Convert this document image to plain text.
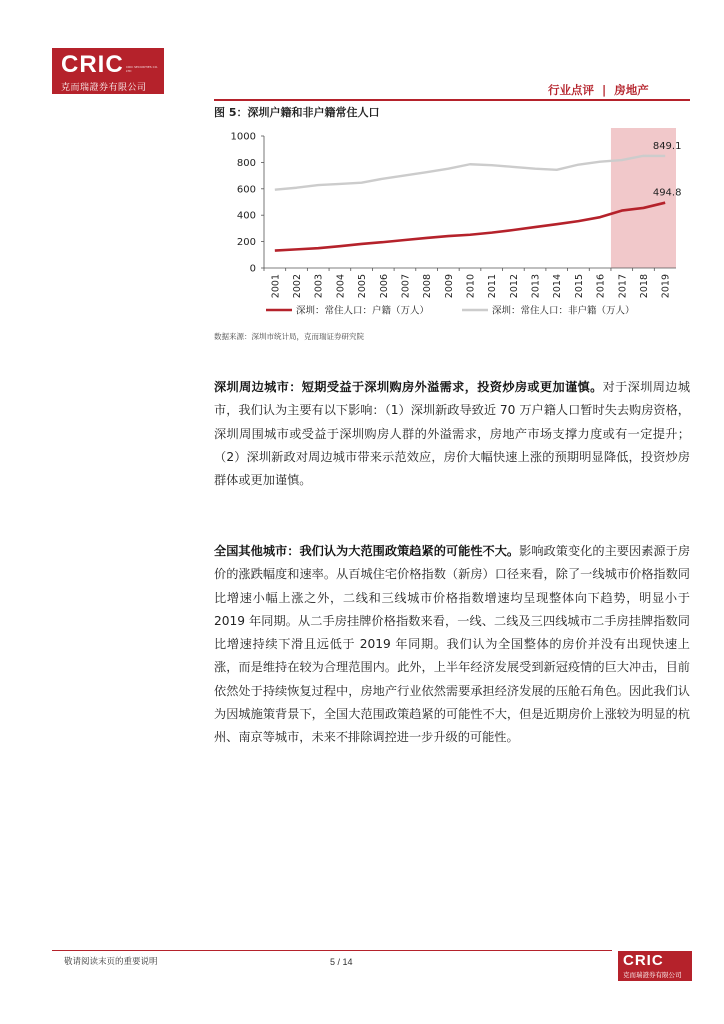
CRIC CRIC SECURITIES CO. LTD
克而瑞證券有限公司	行业点评 | 房地产
图 5：深圳户籍和非户籍常住人口
0
200
400
600
800
1000
2001 2002 2003 2004 2005 2006 2007 2008 2009 2010 2011 2012 2013 2014 2015 2016 2017 2018 2019
494.8
849.1
深圳：常住人口：户籍（万人）	深圳：常住人口：非户籍（万人）
数据来源：深圳市统计局，克而瑞证券研究院

深圳周边城市：短期受益于深圳购房外溢需求，投资炒房或更加谨慎。对于深圳周边城市，我们认为主要有以下影响：（1）深圳新政导致近 70 万户籍人口暂时失去购房资格，深圳周围城市或受益于深圳购房人群的外溢需求，房地产市场支撑力度或有一定提升；（2）深圳新政对周边城市带来示范效应，房价大幅快速上涨的预期明显降低，投资炒房群体或更加谨慎。

全国其他城市：我们认为大范围政策趋紧的可能性不大。影响政策变化的主要因素源于房价的涨跌幅度和速率。从百城住宅价格指数（新房）口径来看，除了一线城市价格指数同比增速小幅上涨之外，二线和三线城市价格指数增速均呈现整体向下趋势，明显小于 2019 年同期。从二手房挂牌价格指数来看，一线、二线及三四线城市二手房挂牌指数同比增速持续下滑且远低于 2019 年同期。我们认为全国整体的房价并没有出现快速上涨，而是维持在较为合理范围内。此外，上半年经济发展受到新冠疫情的巨大冲击，目前依然处于持续恢复过程中，房地产行业依然需要承担经济发展的压舱石角色。因此我们认为因城施策背景下，全国大范围政策趋紧的可能性不大，但是近期房价上涨较为明显的杭州、南京等城市，未来不排除调控进一步升级的可能性。

敬请阅读末页的重要说明	5 / 14	CRIC
克而瑞證券有限公司
